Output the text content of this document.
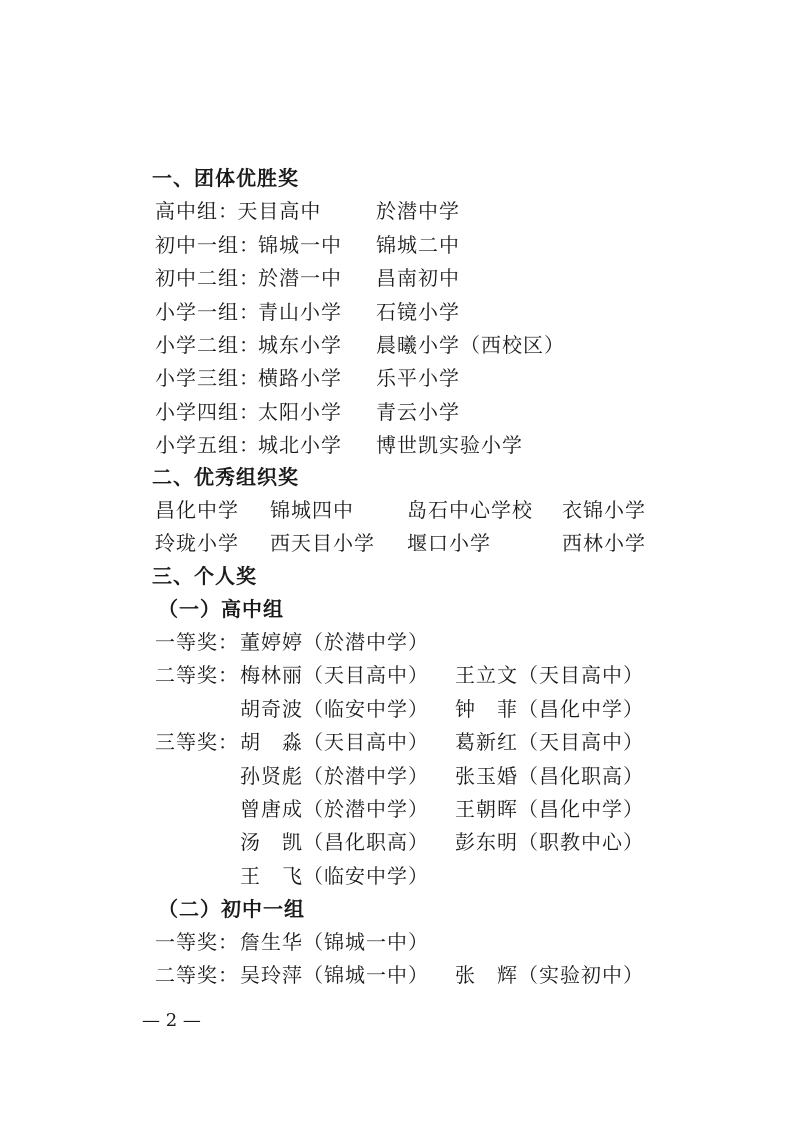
一、团体优胜奖
高中组：
天目高中	於潜中学
初中一组：
锦城一中 锦城二中
初中二组：
於潜一中 昌南初中
小学一组：
青山小学 石镜小学
小学二组：
城东小学 晨曦小学（西校区）
小学三组：
横路小学 乐平小学
小学四组：
太阳小学 青云小学
小学五组：
城北小学 博世凯实验小学
二、优秀组织奖
昌化中学 锦城四中	岛石中心学校 衣锦小学
玲珑小学 西天目小学 堰口小学	西林小学
三、个人奖
（一）高中组
一等奖： 董婷婷（於潜中学）
二等奖： 梅林丽（天目高中） 王立文（天目高中）
胡奇波（临安中学） 钟　菲（昌化中学）
三等奖： 胡　淼（天目高中） 葛新红（天目高中）
孙贤彪（於潜中学） 张玉婚（昌化职高）
曾唐成（於潜中学） 王朝晖（昌化中学）
汤　凯（昌化职高） 彭东明（职教中心）
王　飞（临安中学）
（二）初中一组
一等奖： 詹生华（锦城一中）
二等奖： 吴玲萍（锦城一中） 张　辉（实验初中）
— 2 —
